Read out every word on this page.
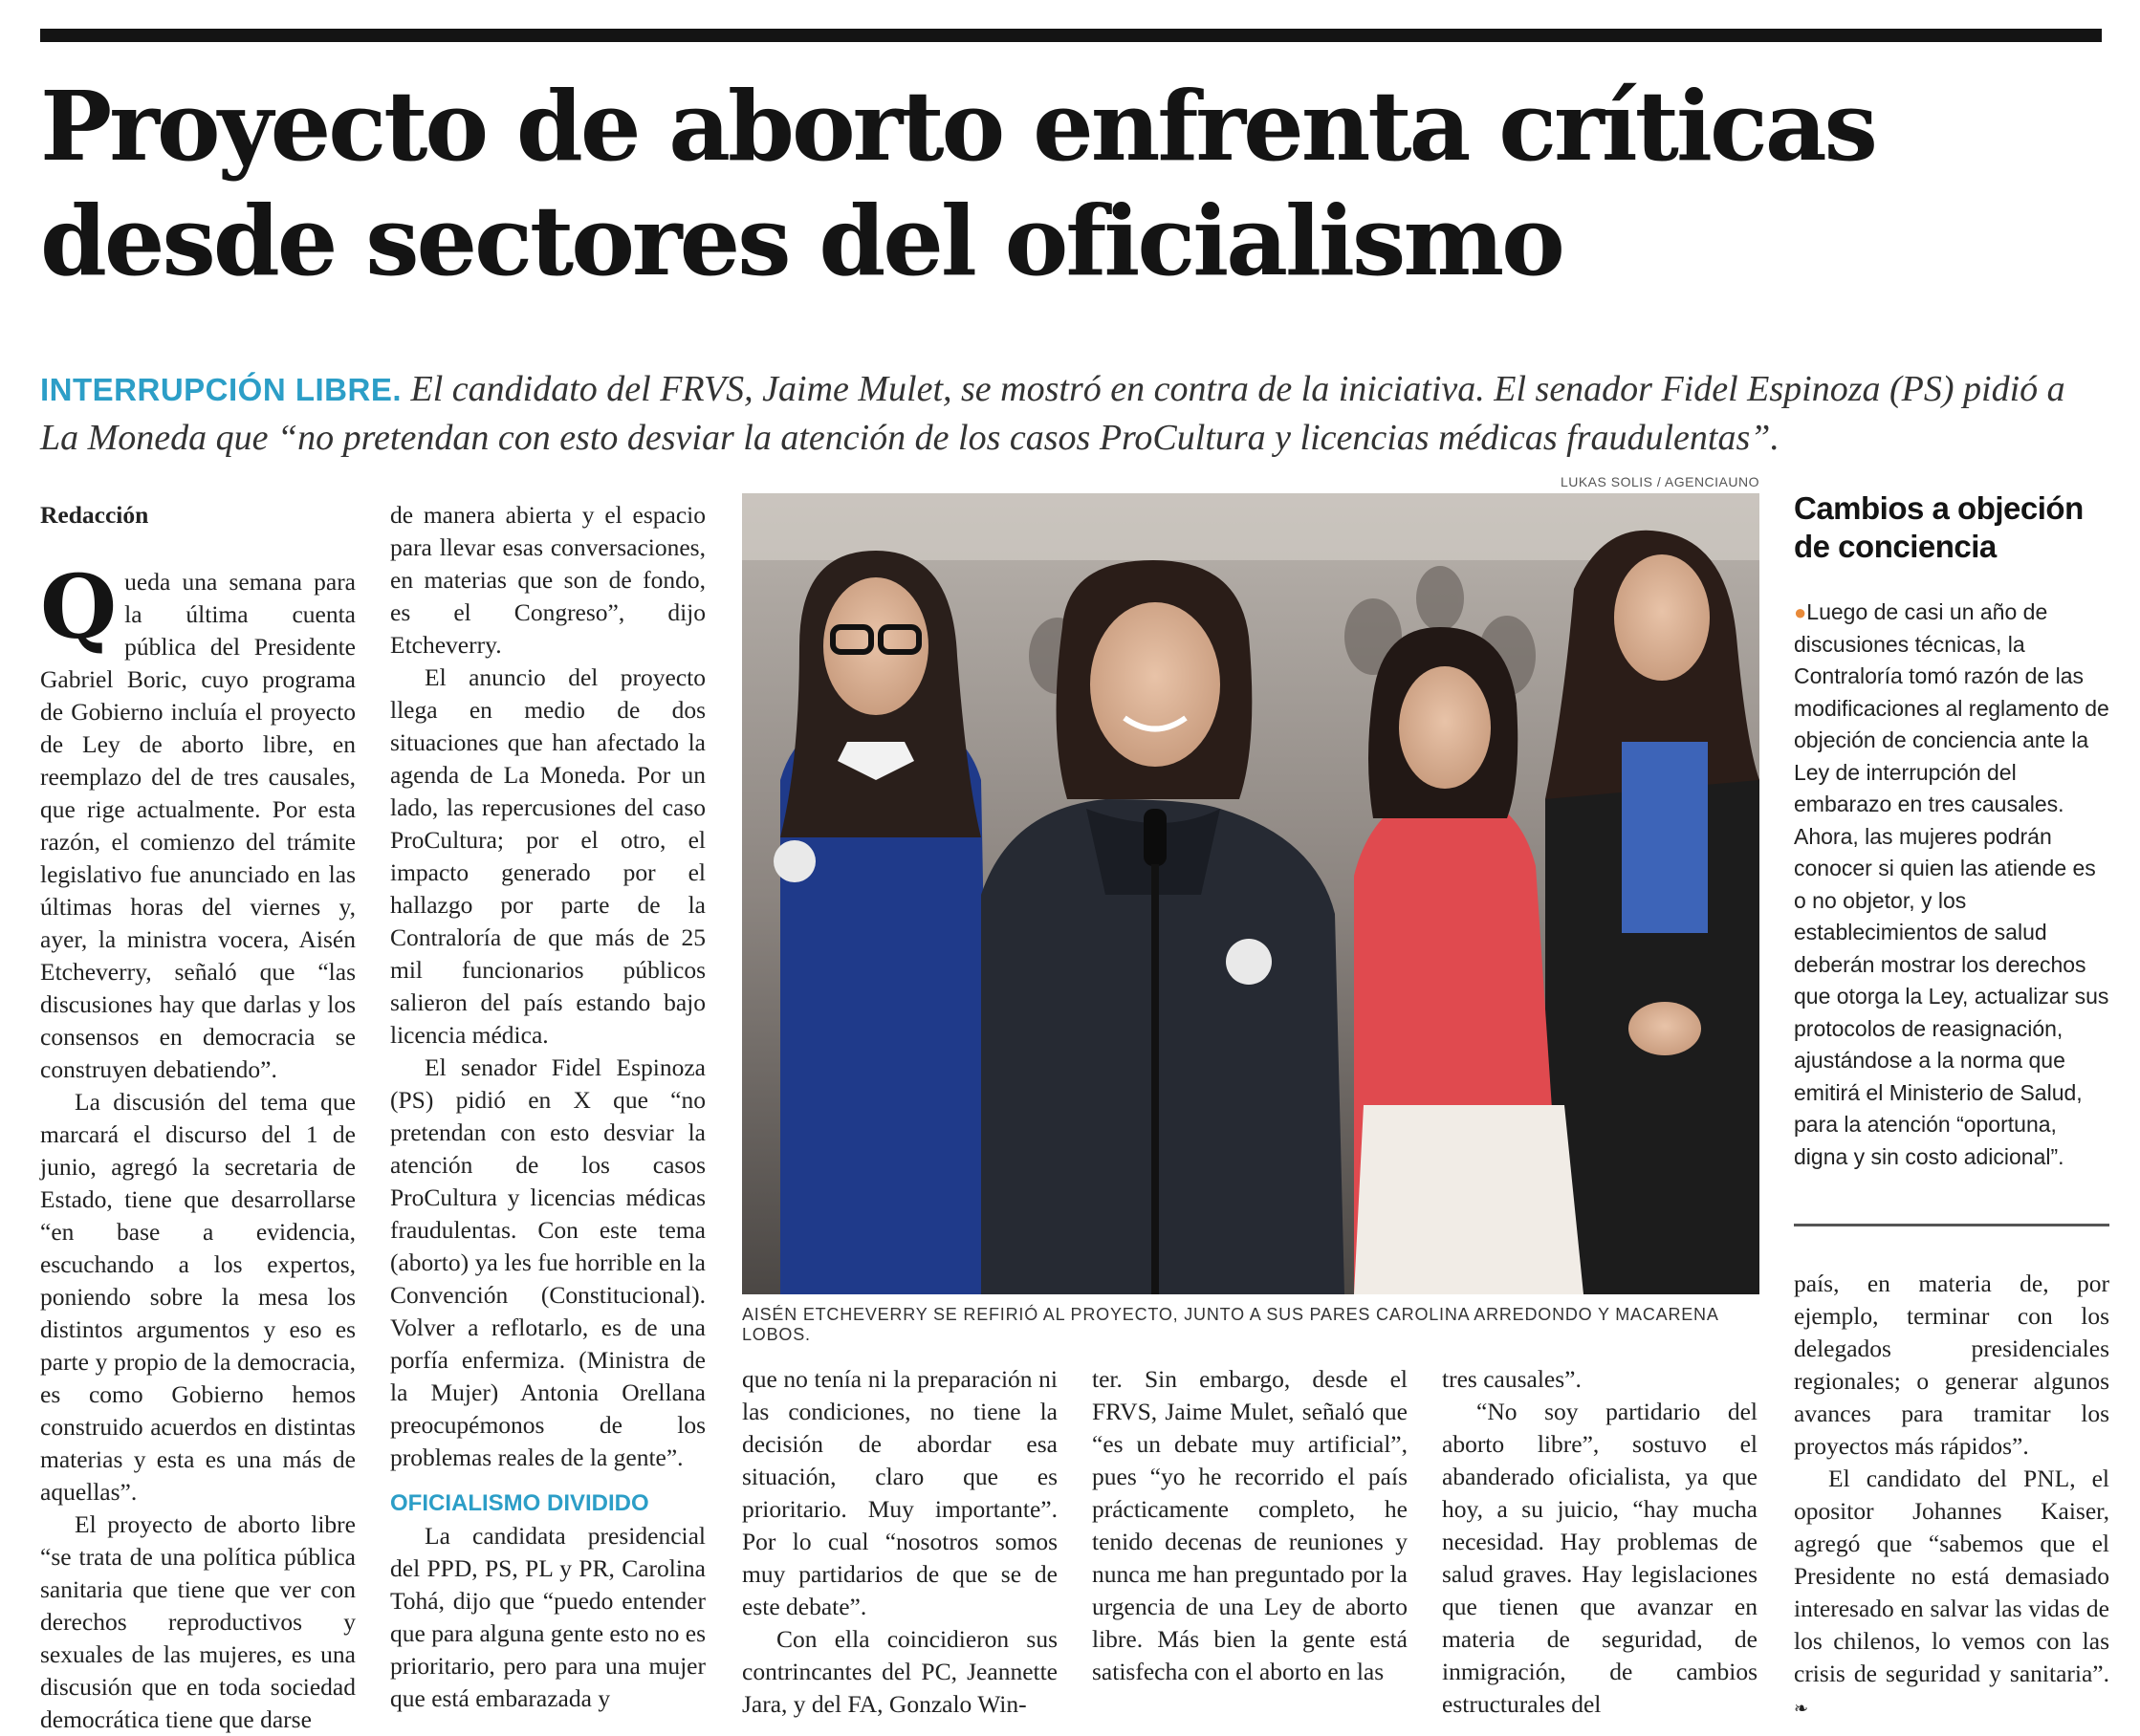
Proyecto de aborto enfrenta críticas
desde sectores del oficialismo
INTERRUPCIÓN LIBRE. El candidato del FRVS, Jaime Mulet, se mostró en contra de la iniciativa. El senador Fidel Espinoza (PS) pidió a La Moneda que “no pretendan con esto desviar la atención de los casos ProCultura y licencias médicas fraudulentas”.

Redacción

Queda una semana para la última cuenta pública del Presidente Gabriel Boric, cuyo programa de Gobierno incluía el proyecto de Ley de aborto libre, en reemplazo del de tres causales, que rige actualmente. Por esta razón, el comienzo del trámite legislativo fue anunciado en las últimas horas del viernes y, ayer, la ministra vocera, Aisén Etcheverry, señaló que “las discusiones hay que darlas y los consensos en democracia se construyen debatiendo”.

La discusión del tema que marcará el discurso del 1 de junio, agregó la secretaria de Estado, tiene que desarrollarse “en base a evidencia, escuchando a los expertos, poniendo sobre la mesa los distintos argumentos y eso es parte y propio de la democracia, es como Gobierno hemos construido acuerdos en distintas materias y esta es una más de aquellas”.

El proyecto de aborto libre “se trata de una política pública sanitaria que tiene que ver con derechos reproductivos y sexuales de las mujeres, es una discusión que en toda sociedad democrática tiene que darse

de manera abierta y el espacio para llevar esas conversaciones, en materias que son de fondo, es el Congreso”, dijo Etcheverry.

El anuncio del proyecto llega en medio de dos situaciones que han afectado la agenda de La Moneda. Por un lado, las repercusiones del caso ProCultura; por el otro, el impacto generado por el hallazgo por parte de la Contraloría de que más de 25 mil funcionarios públicos salieron del país estando bajo licencia médica.

El senador Fidel Espinoza (PS) pidió en X que “no pretendan con esto desviar la atención de los casos ProCultura y licencias médicas fraudulentas. Con este tema (aborto) ya les fue horrible en la Convención (Constitucional). Volver a reflotarlo, es de una porfía enfermiza. (Ministra de la Mujer) Antonia Orellana preocupémonos de los problemas reales de la gente”.

OFICIALISMO DIVIDIDO

La candidata presidencial del PPD, PS, PL y PR, Carolina Tohá, dijo que “puedo entender que para alguna gente esto no es prioritario, pero para una mujer que está embarazada y

LUKAS SOLIS / AGENCIAUNO
AISÉN ETCHEVERRY SE REFIRIÓ AL PROYECTO, JUNTO A SUS PARES CAROLINA ARREDONDO Y MACARENA LOBOS.
Cambios a objeción de conciencia
●Luego de casi un año de discusiones técnicas, la Contraloría tomó razón de las modificaciones al reglamento de objeción de conciencia ante la Ley de interrupción del embarazo en tres causales. Ahora, las mujeres podrán conocer si quien las atiende es o no objetor, y los establecimientos de salud deberán mostrar los derechos que otorga la Ley, actualizar sus protocolos de reasignación, ajustándose a la norma que emitirá el Ministerio de Salud, para la atención “oportuna, digna y sin costo adicional”.

que no tenía ni la preparación ni las condiciones, no tiene la decisión de abordar esa situación, claro que es prioritario. Muy importante”. Por lo cual “nosotros somos muy partidarios de que se de este debate”.

Con ella coincidieron sus contrincantes del PC, Jeannette Jara, y del FA, Gonzalo Win-

ter. Sin embargo, desde el FRVS, Jaime Mulet, señaló que “es un debate muy artificial”, pues “yo he recorrido el país prácticamente completo, he tenido decenas de reuniones y nunca me han preguntado por la urgencia de una Ley de aborto libre. Más bien la gente está satisfecha con el aborto en las

tres causales”.

“No soy partidario del aborto libre”, sostuvo el abanderado oficialista, ya que hoy, a su juicio, “hay mucha necesidad. Hay problemas de salud graves. Hay legislaciones que tienen que avanzar en materia de seguridad, de inmigración, de cambios estructurales del

país, en materia de, por ejemplo, terminar con los delegados presidenciales regionales; o generar algunos avances para tramitar los proyectos más rápidos”.

El candidato del PNL, el opositor Johannes Kaiser, agregó que “sabemos que el Presidente no está demasiado interesado en salvar las vidas de los chilenos, lo vemos con las crisis de seguridad y sanitaria”. ❧
